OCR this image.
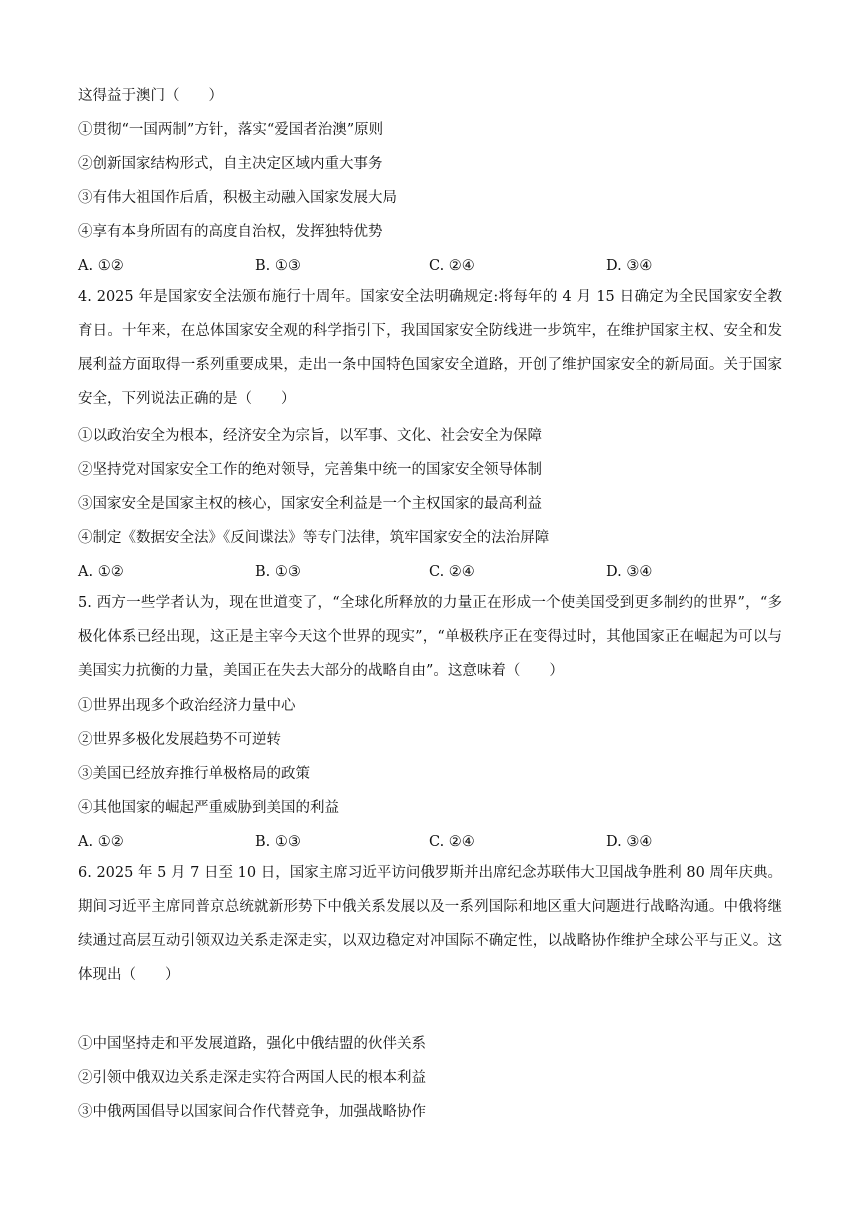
这得益于澳门（　　）
①贯彻“一国两制”方针，落实“爱国者治澳”原则
②创新国家结构形式，自主决定区域内重大事务
③有伟大祖国作后盾，积极主动融入国家发展大局
④享有本身所固有的高度自治权，发挥独特优势
A. ①②	B. ①③	C. ②④	D. ③④
4. 2025 年是国家安全法颁布施行十周年。国家安全法明确规定:将每年的 4 月 15 日确定为全民国家安全教育日。十年来，在总体国家安全观的科学指引下，我国国家安全防线进一步筑牢，在维护国家主权、安全和发展利益方面取得一系列重要成果，走出一条中国特色国家安全道路，开创了维护国家安全的新局面。关于国家安全，下列说法正确的是（　　）
①以政治安全为根本，经济安全为宗旨，以军事、文化、社会安全为保障
②坚持党对国家安全工作的绝对领导，完善集中统一的国家安全领导体制
③国家安全是国家主权的核心，国家安全利益是一个主权国家的最高利益
④制定《数据安全法》《反间谍法》等专门法律，筑牢国家安全的法治屏障
A. ①②	B. ①③	C. ②④	D. ③④
5. 西方一些学者认为，现在世道变了，“全球化所释放的力量正在形成一个使美国受到更多制约的世界”，“多极化体系已经出现，这正是主宰今天这个世界的现实”，“单极秩序正在变得过时，其他国家正在崛起为可以与美国实力抗衡的力量，美国正在失去大部分的战略自由”。这意味着（　　）
①世界出现多个政治经济力量中心
②世界多极化发展趋势不可逆转
③美国已经放弃推行单极格局的政策
④其他国家的崛起严重威胁到美国的利益
A. ①②	B. ①③	C. ②④	D. ③④
6. 2025 年 5 月 7 日至 10 日，国家主席习近平访问俄罗斯并出席纪念苏联伟大卫国战争胜利 80 周年庆典。期间习近平主席同普京总统就新形势下中俄关系发展以及一系列国际和地区重大问题进行战略沟通。中俄将继续通过高层互动引领双边关系走深走实，以双边稳定对冲国际不确定性，以战略协作维护全球公平与正义。这体现出（　　）
①中国坚持走和平发展道路，强化中俄结盟的伙伴关系
②引领中俄双边关系走深走实符合两国人民的根本利益
③中俄两国倡导以国家间合作代替竞争，加强战略协作
